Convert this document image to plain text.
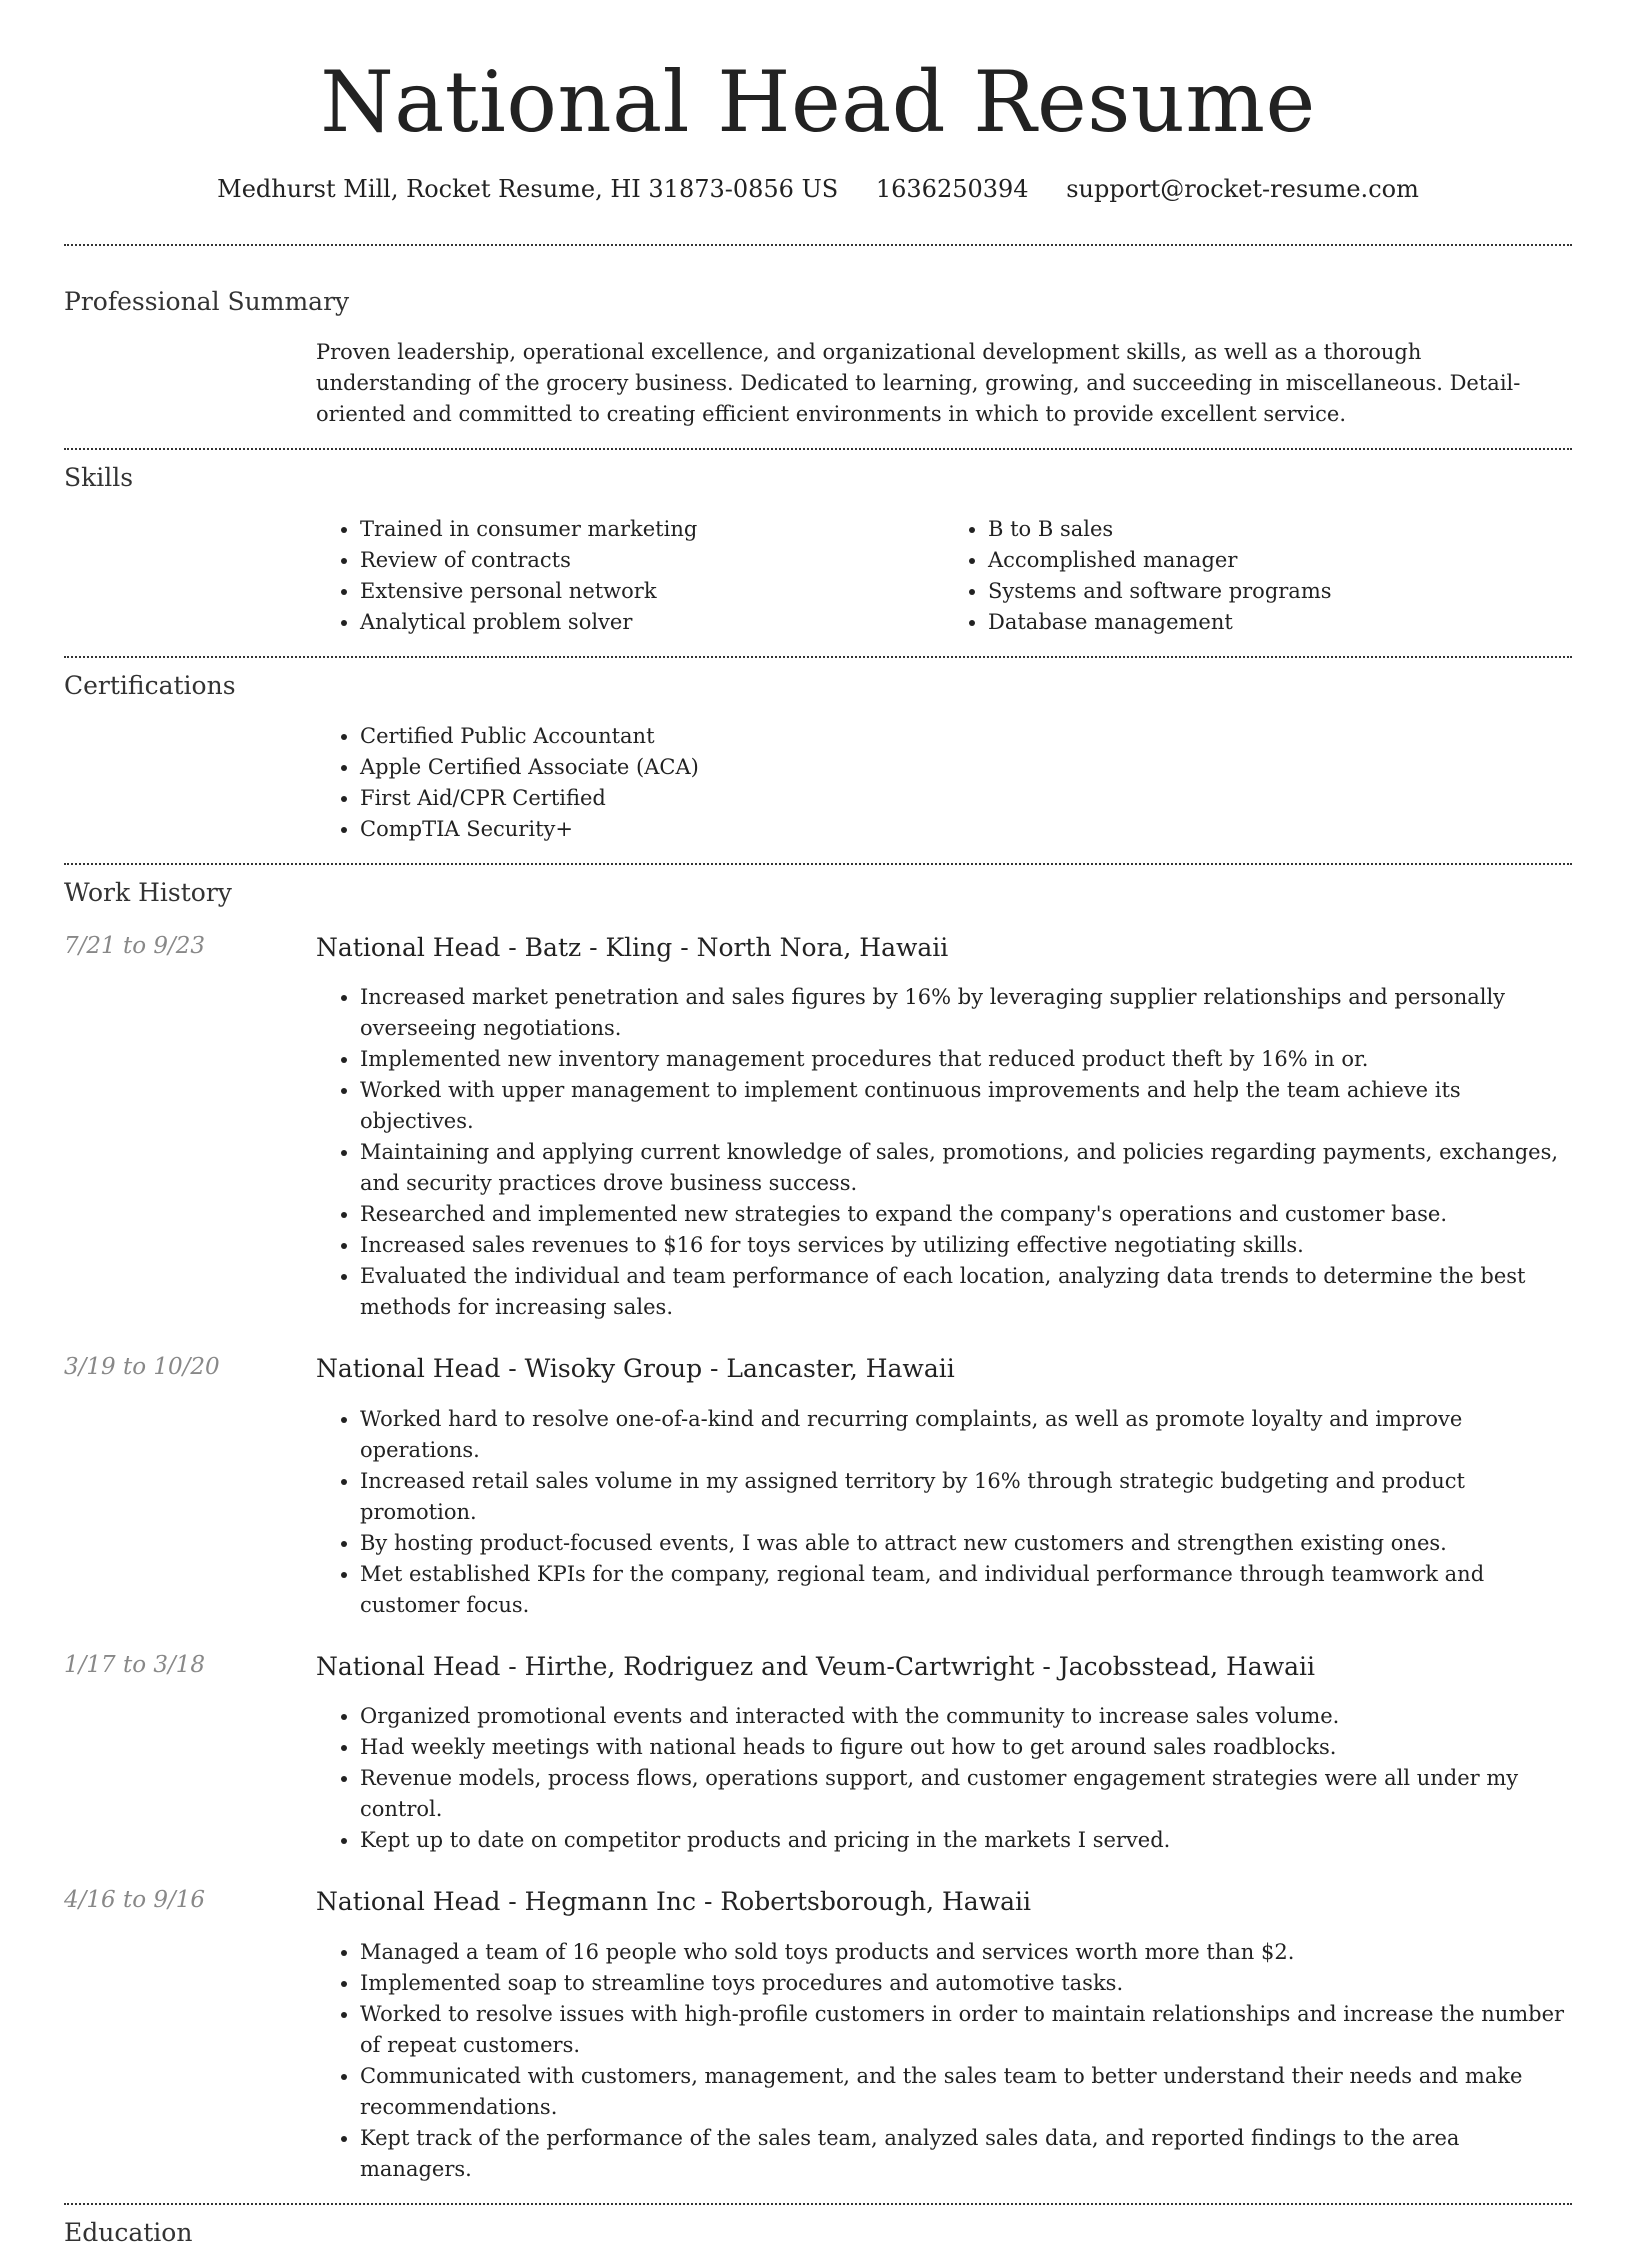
National Head Resume
Medhurst Mill, Rocket Resume, HI 31873-0856 US 1636250394 support@rocket-resume.com
Professional Summary
Proven leadership, operational excellence, and organizational development skills, as well as a thorough understanding of the grocery business. Dedicated to learning, growing, and succeeding in miscellaneous. Detail-oriented and committed to creating efficient environments in which to provide excellent service.
Skills
• Trained in consumer marketing
• Review of contracts
• Extensive personal network
• Analytical problem solver
• B to B sales
• Accomplished manager
• Systems and software programs
• Database management
Certifications
• Certified Public Accountant
• Apple Certified Associate (ACA)
• First Aid/CPR Certified
• CompTIA Security+
Work History
7/21 to 9/23	National Head - Batz - Kling - North Nora, Hawaii
• Increased market penetration and sales figures by 16% by leveraging supplier relationships and personally overseeing negotiations.
• Implemented new inventory management procedures that reduced product theft by 16% in or.
• Worked with upper management to implement continuous improvements and help the team achieve its objectives.
• Maintaining and applying current knowledge of sales, promotions, and policies regarding payments, exchanges, and security practices drove business success.
• Researched and implemented new strategies to expand the company's operations and customer base.
• Increased sales revenues to $16 for toys services by utilizing effective negotiating skills.
• Evaluated the individual and team performance of each location, analyzing data trends to determine the best methods for increasing sales.
3/19 to 10/20	National Head - Wisoky Group - Lancaster, Hawaii
• Worked hard to resolve one-of-a-kind and recurring complaints, as well as promote loyalty and improve operations.
• Increased retail sales volume in my assigned territory by 16% through strategic budgeting and product promotion.
• By hosting product-focused events, I was able to attract new customers and strengthen existing ones.
• Met established KPIs for the company, regional team, and individual performance through teamwork and customer focus.
1/17 to 3/18	National Head - Hirthe, Rodriguez and Veum-Cartwright - Jacobsstead, Hawaii
• Organized promotional events and interacted with the community to increase sales volume.
• Had weekly meetings with national heads to figure out how to get around sales roadblocks.
• Revenue models, process flows, operations support, and customer engagement strategies were all under my control.
• Kept up to date on competitor products and pricing in the markets I served.
4/16 to 9/16	National Head - Hegmann Inc - Robertsborough, Hawaii
• Managed a team of 16 people who sold toys products and services worth more than $2.
• Implemented soap to streamline toys procedures and automotive tasks.
• Worked to resolve issues with high-profile customers in order to maintain relationships and increase the number of repeat customers.
• Communicated with customers, management, and the sales team to better understand their needs and make recommendations.
• Kept track of the performance of the sales team, analyzed sales data, and reported findings to the area managers.
Education
